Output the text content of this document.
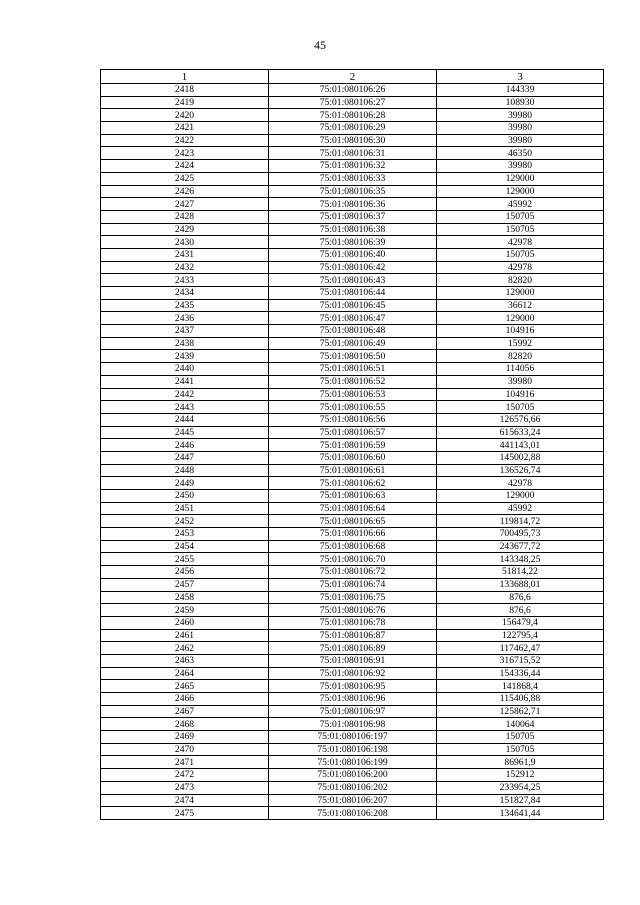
45
1	2	3
2418	75:01:080106:26	144339
2419	75:01:080106:27	108930
2420	75:01:080106:28	39980
2421	75:01:080106:29	39980
2422	75:01:080106:30	39980
2423	75:01:080106:31	46350
2424	75:01:080106:32	39980
2425	75:01:080106:33	129000
2426	75:01:080106:35	129000
2427	75:01:080106:36	45992
2428	75:01:080106:37	150705
2429	75:01:080106:38	150705
2430	75:01:080106:39	42978
2431	75:01:080106:40	150705
2432	75:01:080106:42	42978
2433	75:01:080106:43	82820
2434	75:01:080106:44	129000
2435	75:01:080106:45	36612
2436	75:01:080106:47	129000
2437	75:01:080106:48	104916
2438	75:01:080106:49	15992
2439	75:01:080106:50	82820
2440	75:01:080106:51	114056
2441	75:01:080106:52	39980
2442	75:01:080106:53	104916
2443	75:01:080106:55	150705
2444	75:01:080106:56	126576,66
2445	75:01:080106:57	615633,24
2446	75:01:080106:59	441143,01
2447	75:01:080106:60	145002,88
2448	75:01:080106:61	136526,74
2449	75:01:080106:62	42978
2450	75:01:080106:63	129000
2451	75:01:080106:64	45992
2452	75:01:080106:65	119814,72
2453	75:01:080106:66	700495,73
2454	75:01:080106:68	243677,72
2455	75:01:080106:70	143348,25
2456	75:01:080106:72	51814,22
2457	75:01:080106:74	133688,01
2458	75:01:080106:75	876,6
2459	75:01:080106:76	876,6
2460	75:01:080106:78	156479,4
2461	75:01:080106:87	122795,4
2462	75:01:080106:89	117462,47
2463	75:01:080106:91	316715,52
2464	75:01:080106:92	154336,44
2465	75:01:080106:95	141868,4
2466	75:01:080106:96	115406,88
2467	75:01:080106:97	125862,71
2468	75:01:080106:98	140064
2469	75:01:080106:197	150705
2470	75:01:080106:198	150705
2471	75:01:080106:199	86961,9
2472	75:01:080106:200	152912
2473	75:01:080106:202	233954,25
2474	75:01:080106:207	151827,84
2475	75:01:080106:208	134641,44
